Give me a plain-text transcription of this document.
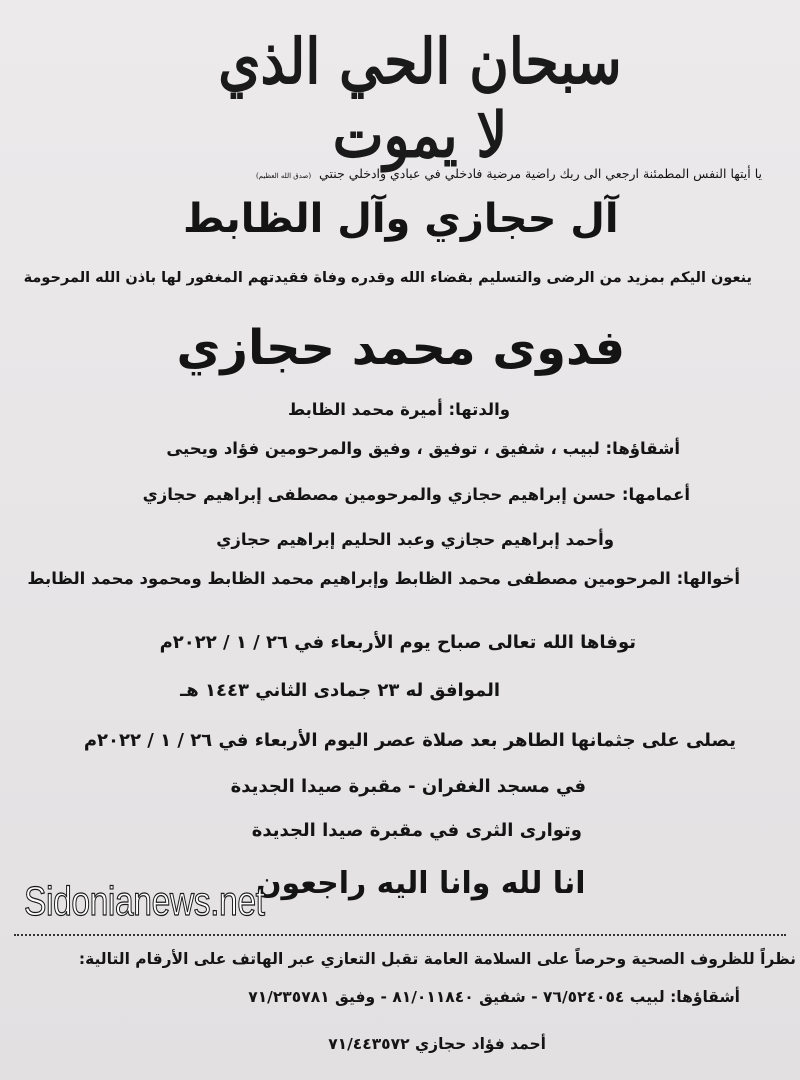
سبحان الحي الذي لا يموت
يا أيتها النفس المطمئنة ارجعي الى ربك راضية مرضية فادخلي في عبادي وادخلي جنتي (صدق الله العظيم)
آل حجازي وآل الظابط
ينعون اليكم بمزيد من الرضى والتسليم بقضاء الله وقدره وفاة فقيدتهم المغفور لها باذن الله المرحومة
فدوى محمد حجازي
والدتها: أميرة محمد الظابط
أشقاؤها: لبيب ، شفيق ، توفيق ، وفيق والمرحومين فؤاد ويحيى
أعمامها: حسن إبراهيم حجازي والمرحومين مصطفى إبراهيم حجازي
وأحمد إبراهيم حجازي وعبد الحليم إبراهيم حجازي
أخوالها: المرحومين مصطفى محمد الظابط وإبراهيم محمد الظابط ومحمود محمد الظابط
توفاها الله تعالى صباح يوم الأربعاء في ٢٦ / ١ / ٢٠٢٢م
الموافق له ٢٣ جمادى الثاني ١٤٤٣ هـ
يصلى على جثمانها الطاهر بعد صلاة عصر اليوم الأربعاء في ٢٦ / ١ / ٢٠٢٢م
في مسجد الغفران - مقبرة صيدا الجديدة
وتوارى الثرى في مقبرة صيدا الجديدة
انا لله وانا اليه راجعون
Sidonianews.net
نظراً للظروف الصحية وحرصاً على السلامة العامة تقبل التعازي عبر الهاتف على الأرقام التالية:
أشقاؤها: لبيب ٧٦/٥٢٤٠٥٤ - شفيق ٨١/٠١١٨٤٠ - وفيق ٧١/٢٣٥٧٨١
أحمد فؤاد حجازي ٧١/٤٤٣٥٧٢
